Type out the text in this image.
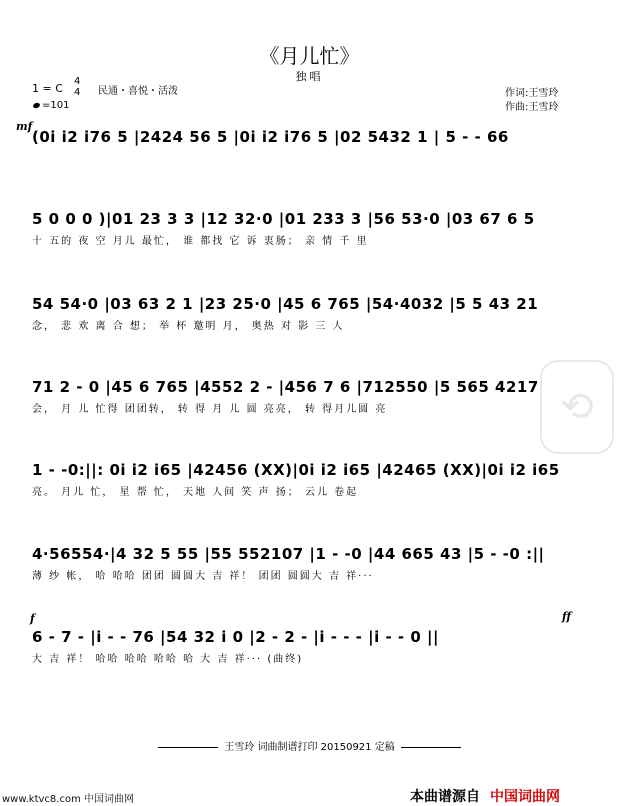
《月儿忙》
独唱
1 = C
4
4 民通・喜悦・活泼
=101
作词:王雪玲
作曲:王雪玲
mf
f	ff
⟲
(0i i2 i76 5 |2424 56 5 |0i i2 i76 5 |02 5432 1 | 5 - - 66
5 0 0 0 )|01 23 3 3 |12 32·0 |01 233 3 |56 53·0 |03 67 6 5
十 五的 夜 空 月儿 最忙， 谁 都找 它 诉 衷肠； 亲 情 千 里
54 54·0 |03 63 2 1 |23 25·0 |45 6 765 |54·4032 |5 5 43 21
念， 悲 欢 离 合 想； 举 杯 邀明 月， 奥热 对 影 三 人
71 2 - 0 |45 6 765 |4552 2 - |456 7 6 |712550 |5 565 4217
会， 月 儿 忙得 团团转， 转 得 月 儿 圆 亮亮， 转 得月儿圆 亮
1 - -0:||: 0i i2 i65 |42456 (XX)|0i i2 i65 |42465 (XX)|0i i2 i65
亮。 月儿 忙， 星 帮 忙， 天地 人间 笑 声 扬； 云儿 卷起
4·56554·|4 32 5 55 |55 552107 |1 - -0 |44 665 43 |5 - -0 :||
薄 纱 帐， 哈 哈哈 团团 圆圆大 吉 祥！ 团团 圆圆大 吉 祥···
6 - 7 - |i - - 76 |54 32 i 0 |2 - 2 - |i - - - |i - - 0 ||
大 吉 祥！ 哈哈 哈哈 哈哈 哈 大 吉 祥··· (曲终)
王雪玲 词曲制谱打印 20150921 定稿
www.ktvc8.com 中国词曲网	本曲谱源自 中国词曲网
